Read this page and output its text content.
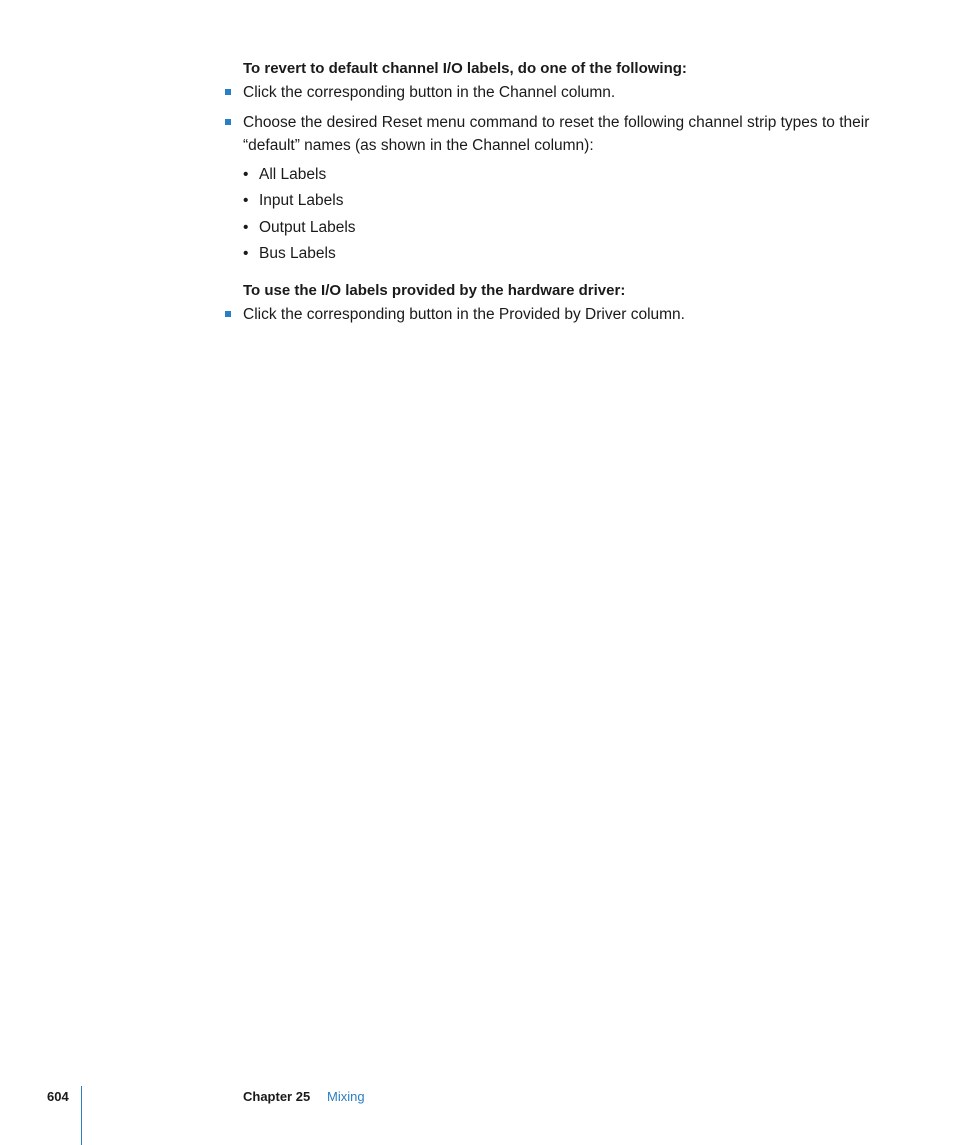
To revert to default channel I/O labels, do one of the following:
Click the corresponding button in the Channel column.
Choose the desired Reset menu command to reset the following channel strip types to their “default” names (as shown in the Channel column):
• All Labels
• Input Labels
• Output Labels
• Bus Labels
To use the I/O labels provided by the hardware driver:
Click the corresponding button in the Provided by Driver column.
604	Chapter 25 Mixing
